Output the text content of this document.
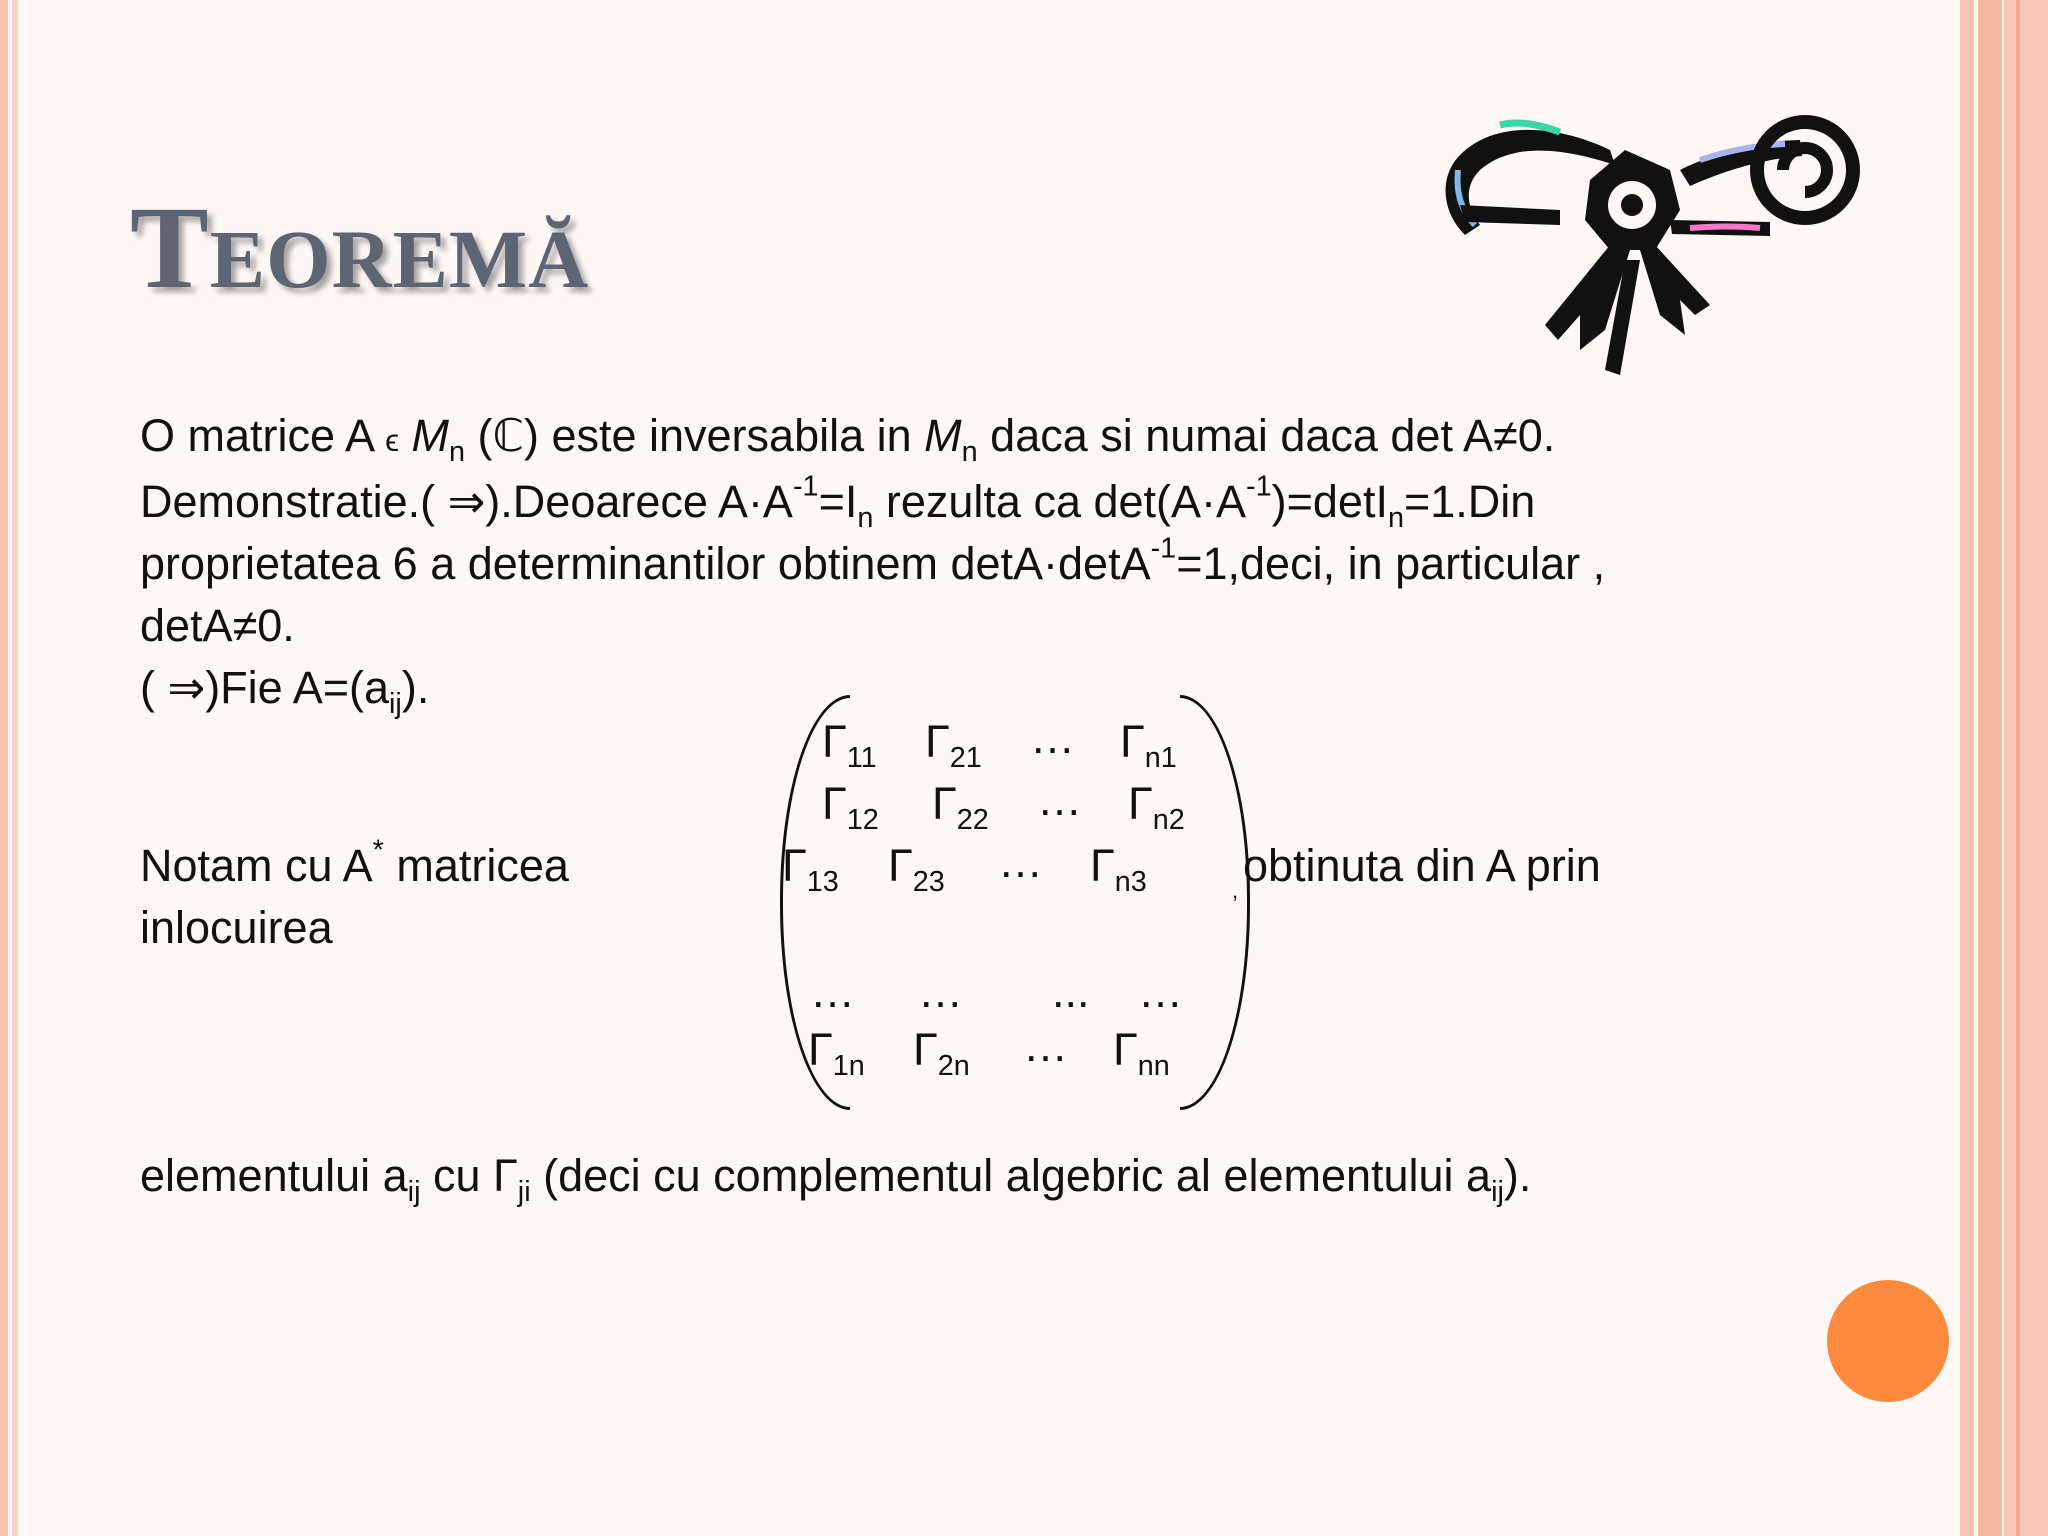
Teoremă
O matrice A ϵ $M_n$ (ℂ) este inversabila in $M_n$ daca si numai daca det A≠0.
Demonstratie.( ⇒).Deoarece $A\cdot A^{-1}=I_n$ rezulta ca $\det(A\cdot A^{-1})=\det I_n=1.Din$
proprietatea 6 a determinantilor obtinem detA·detA$^{-1}$=1,deci, in particular ,
detA≠0.
( ⇒)Fie $A=(a_{ij})$.
Notam cu A* matricea
inlocuirea
, obtinuta din A prin
$\Gamma_{11}$ $\Gamma_{21}$ … $\Gamma_{n1}$
$\Gamma_{12}$ $\Gamma_{22}$ … $\Gamma_{n2}$
$\Gamma_{13}$ $\Gamma_{23}$ … $\Gamma_{n3}$
… … ... …
$\Gamma_{1n}$ $\Gamma_{2n}$ … $\Gamma_{nn}$
elementului $a_{ij}$ cu $\Gamma_{ji}$ (deci cu complementul algebric al elementului $a_{ij}$).
